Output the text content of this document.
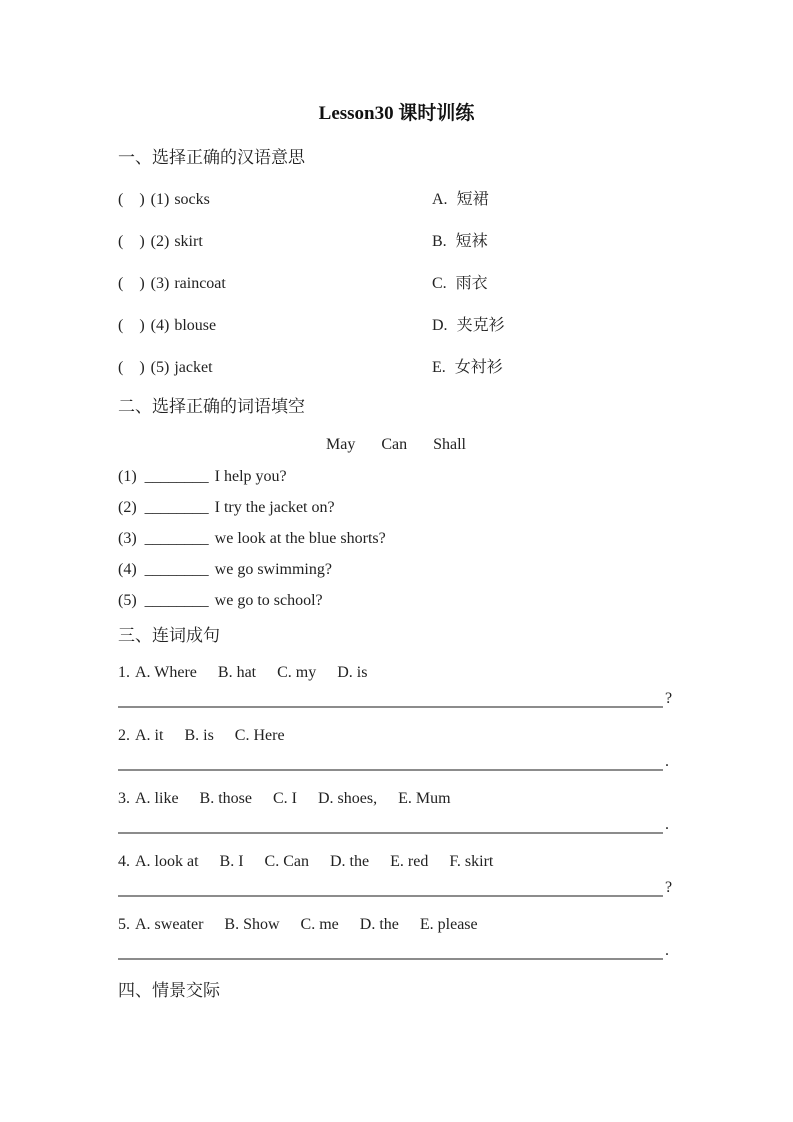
Lesson30 课时训练
一、选择正确的汉语意思
(    ) (1) socks	A. 短裙
(    ) (2) skirt	B. 短袜
(    ) (3) raincoat	C. 雨衣
(    ) (4) blouse	D. 夹克衫
(    ) (5) jacket	E. 女衬衫
二、选择正确的词语填空
May Can Shall
(1) ________ I help you?
(2) ________ I try the jacket on?
(3) ________ we look at the blue shorts?
(4) ________ we go swimming?
(5) ________ we go to school?
三、连词成句
1. A. Where B. hat C. my D. is
?
2. A. it B. is C. Here
.
3. A. like B. those C. I D. shoes, E. Mum
.
4. A. look at B. I C. Can D. the E. red F. skirt
?
5. A. sweater B. Show C. me D. the E. please
.
四、情景交际
